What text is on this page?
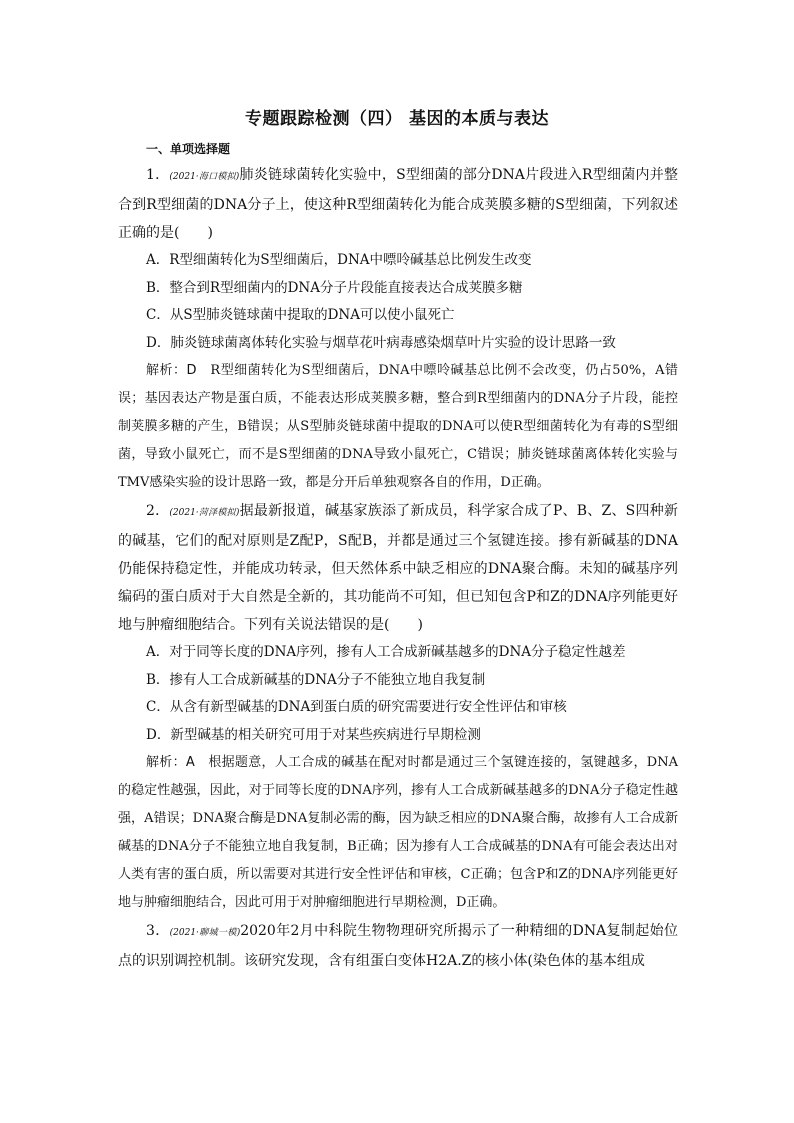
专题跟踪检测（四） 基因的本质与表达
一、单项选择题

1．(2021·海口模拟)肺炎链球菌转化实验中，S型细菌的部分DNA片段进入R型细菌内并整合到R型细菌的DNA分子上，使这种R型细菌转化为能合成荚膜多糖的S型细菌，下列叙述正确的是(　　)

A．R型细菌转化为S型细菌后，DNA中嘌呤碱基总比例发生改变

B．整合到R型细菌内的DNA分子片段能直接表达合成荚膜多糖

C．从S型肺炎链球菌中提取的DNA可以使小鼠死亡

D．肺炎链球菌离体转化实验与烟草花叶病毒感染烟草叶片实验的设计思路一致

解析：D　R型细菌转化为S型细菌后，DNA中嘌呤碱基总比例不会改变，仍占50%，A错误；基因表达产物是蛋白质，不能表达形成荚膜多糖，整合到R型细菌内的DNA分子片段，能控制荚膜多糖的产生，B错误；从S型肺炎链球菌中提取的DNA可以使R型细菌转化为有毒的S型细菌，导致小鼠死亡，而不是S型细菌的DNA导致小鼠死亡，C错误；肺炎链球菌离体转化实验与TMV感染实验的设计思路一致，都是分开后单独观察各自的作用，D正确。

2．(2021·菏泽模拟)据最新报道，碱基家族添了新成员，科学家合成了P、B、Z、S四种新的碱基，它们的配对原则是Z配P，S配B，并都是通过三个氢键连接。掺有新碱基的DNA仍能保持稳定性，并能成功转录，但天然体系中缺乏相应的DNA聚合酶。未知的碱基序列编码的蛋白质对于大自然是全新的，其功能尚不可知，但已知包含P和Z的DNA序列能更好地与肿瘤细胞结合。下列有关说法错误的是(　　)

A．对于同等长度的DNA序列，掺有人工合成新碱基越多的DNA分子稳定性越差

B．掺有人工合成新碱基的DNA分子不能独立地自我复制

C．从含有新型碱基的DNA到蛋白质的研究需要进行安全性评估和审核

D．新型碱基的相关研究可用于对某些疾病进行早期检测

解析：A　根据题意，人工合成的碱基在配对时都是通过三个氢键连接的，氢键越多，DNA的稳定性越强，因此，对于同等长度的DNA序列，掺有人工合成新碱基越多的DNA分子稳定性越强，A错误；DNA聚合酶是DNA复制必需的酶，因为缺乏相应的DNA聚合酶，故掺有人工合成新碱基的DNA分子不能独立地自我复制，B正确；因为掺有人工合成碱基的DNA有可能会表达出对人类有害的蛋白质，所以需要对其进行安全性评估和审核，C正确；包含P和Z的DNA序列能更好地与肿瘤细胞结合，因此可用于对肿瘤细胞进行早期检测，D正确。

3．(2021·聊城一模)2020年2月中科院生物物理研究所揭示了一种精细的DNA复制起始位点的识别调控机制。该研究发现，含有组蛋白变体H2A.Z的核小体(染色体的基本组成
